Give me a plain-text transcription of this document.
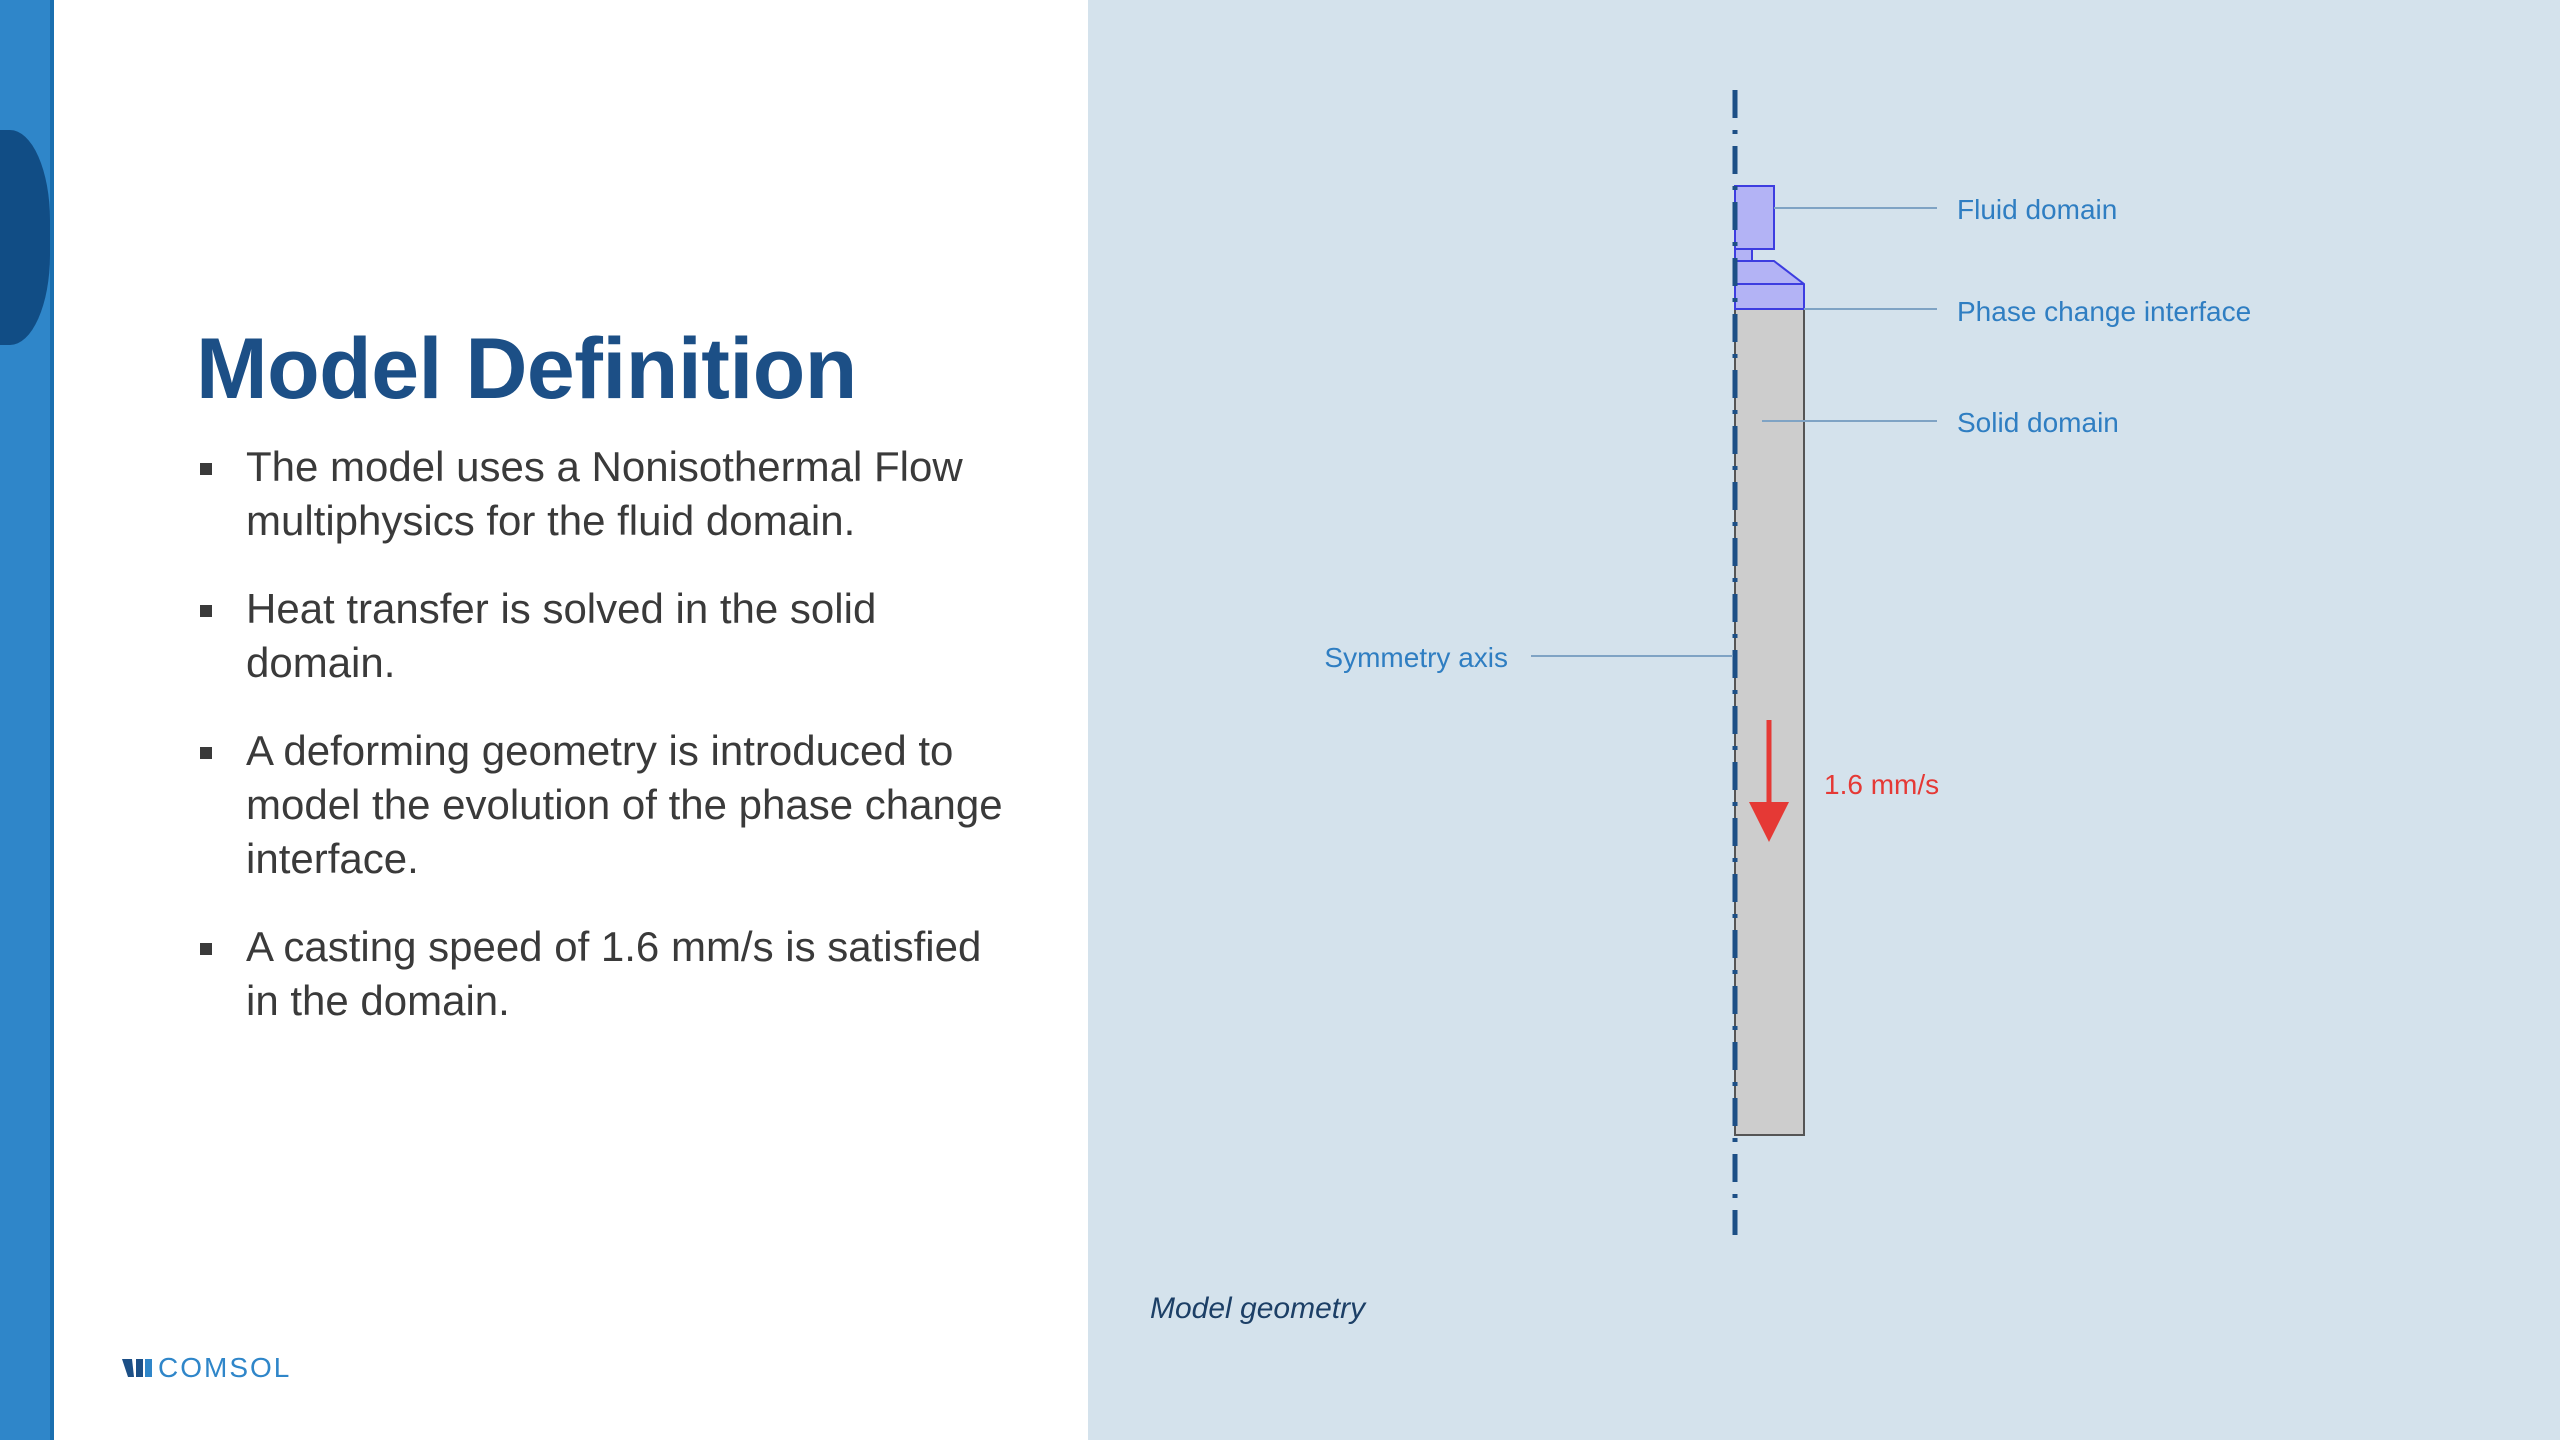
Model Definition
The model uses a Nonisothermal Flow multiphysics for the fluid domain.
Heat transfer is solved in the solid domain.
A deforming geometry is introduced to model the evolution of the phase change interface.
A casting speed of 1.6 mm/s is satisfied in the domain.
COMSOL
Fluid domain
Phase change interface
Solid domain
Symmetry axis
1.6 mm/s

Model geometry
